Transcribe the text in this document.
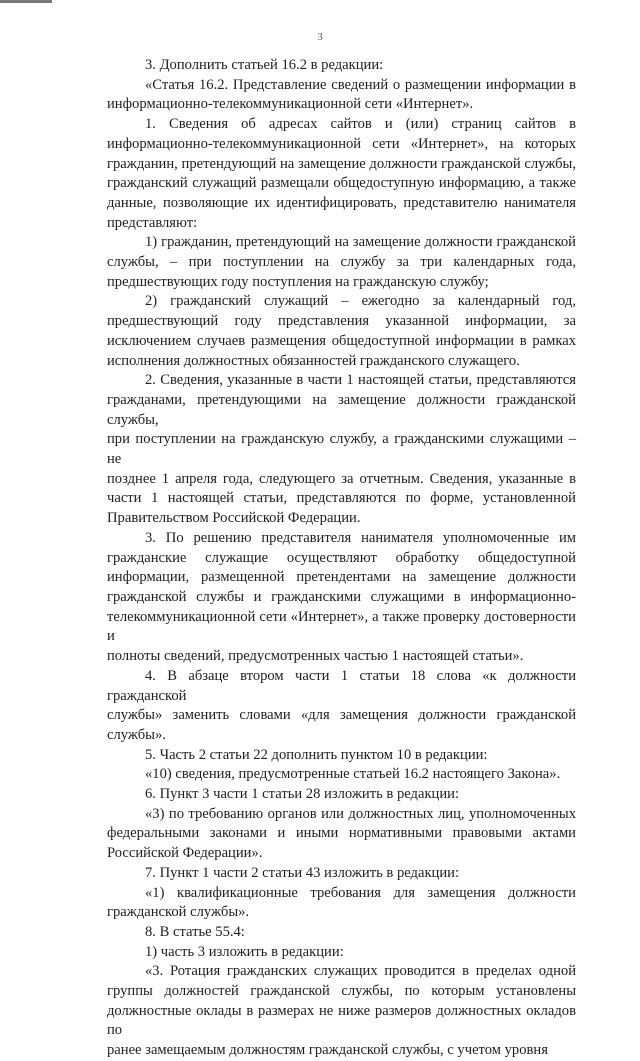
3
3. Дополнить статьей 16.2 в редакции:
«Статья 16.2. Представление сведений о размещении информации в
информационно-телекоммуникационной сети «Интернет».
1. Сведения об адресах сайтов и (или) страниц сайтов в
информационно-телекоммуникационной сети «Интернет», на которых
гражданин, претендующий на замещение должности гражданской службы,
гражданский служащий размещали общедоступную информацию, а также
данные, позволяющие их идентифицировать, представителю нанимателя
представляют:
1) гражданин, претендующий на замещение должности гражданской
службы, – при поступлении на службу за три календарных года,
предшествующих году поступления на гражданскую службу;
2) гражданский служащий – ежегодно за календарный год,
предшествующий году представления указанной информации, за
исключением случаев размещения общедоступной информации в рамках
исполнения должностных обязанностей гражданского служащего.
2. Сведения, указанные в части 1 настоящей статьи, представляются
гражданами, претендующими на замещение должности гражданской службы,
при поступлении на гражданскую службу, а гражданскими служащими – не
позднее 1 апреля года, следующего за отчетным. Сведения, указанные в
части 1 настоящей статьи, представляются по форме, установленной
Правительством Российской Федерации.
3. По решению представителя нанимателя уполномоченные им
гражданские служащие осуществляют обработку общедоступной
информации, размещенной претендентами на замещение должности
гражданской службы и гражданскими служащими в информационно-
телекоммуникационной сети «Интернет», а также проверку достоверности и
полноты сведений, предусмотренных частью 1 настоящей статьи».
4. В абзаце втором части 1 статьи 18 слова «к должности гражданской
службы» заменить словами «для замещения должности гражданской
службы».
5. Часть 2 статьи 22 дополнить пунктом 10 в редакции:
«10) сведения, предусмотренные статьей 16.2 настоящего Закона».
6. Пункт 3 части 1 статьи 28 изложить в редакции:
«3) по требованию органов или должностных лиц, уполномоченных
федеральными законами и иными нормативными правовыми актами
Российской Федерации».
7. Пункт 1 части 2 статьи 43 изложить в редакции:
«1) квалификационные требования для замещения должности
гражданской службы».
8. В статье 55.4:
1) часть 3 изложить в редакции:
«3. Ротация гражданских служащих проводится в пределах одной
группы должностей гражданской службы, по которым установлены
должностные оклады в размерах не ниже размеров должностных окладов по
ранее замещаемым должностям гражданской службы, с учетом уровня
